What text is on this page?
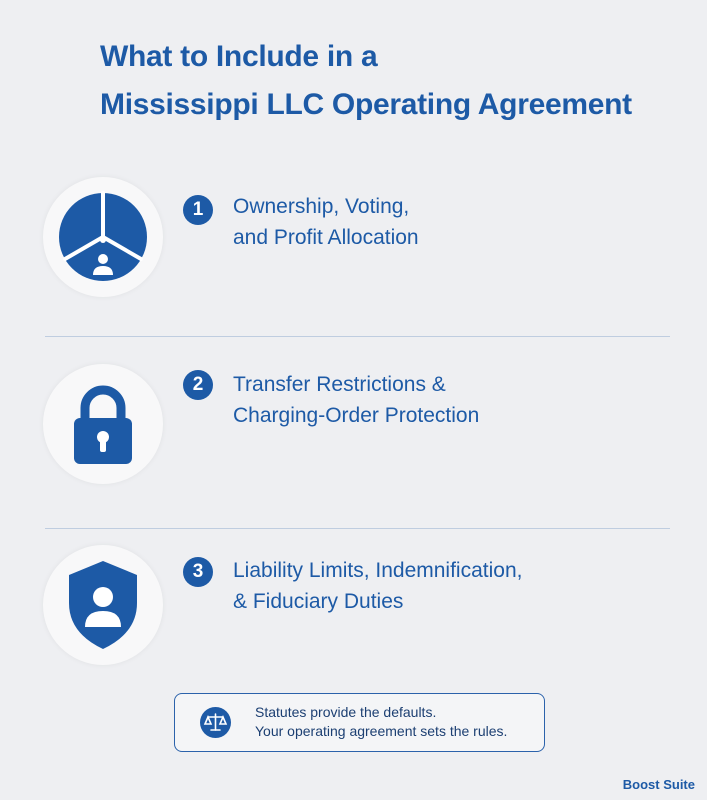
What to Include in a
Mississippi LLC Operating Agreement
1	Ownership, Voting,
and Profit Allocation
2	Transfer Restrictions &
Charging-Order Protection
3	Liability Limits, Indemnification,
& Fiduciary Duties
Statutes provide the defaults.
Your operating agreement sets the rules.
Boost Suite
